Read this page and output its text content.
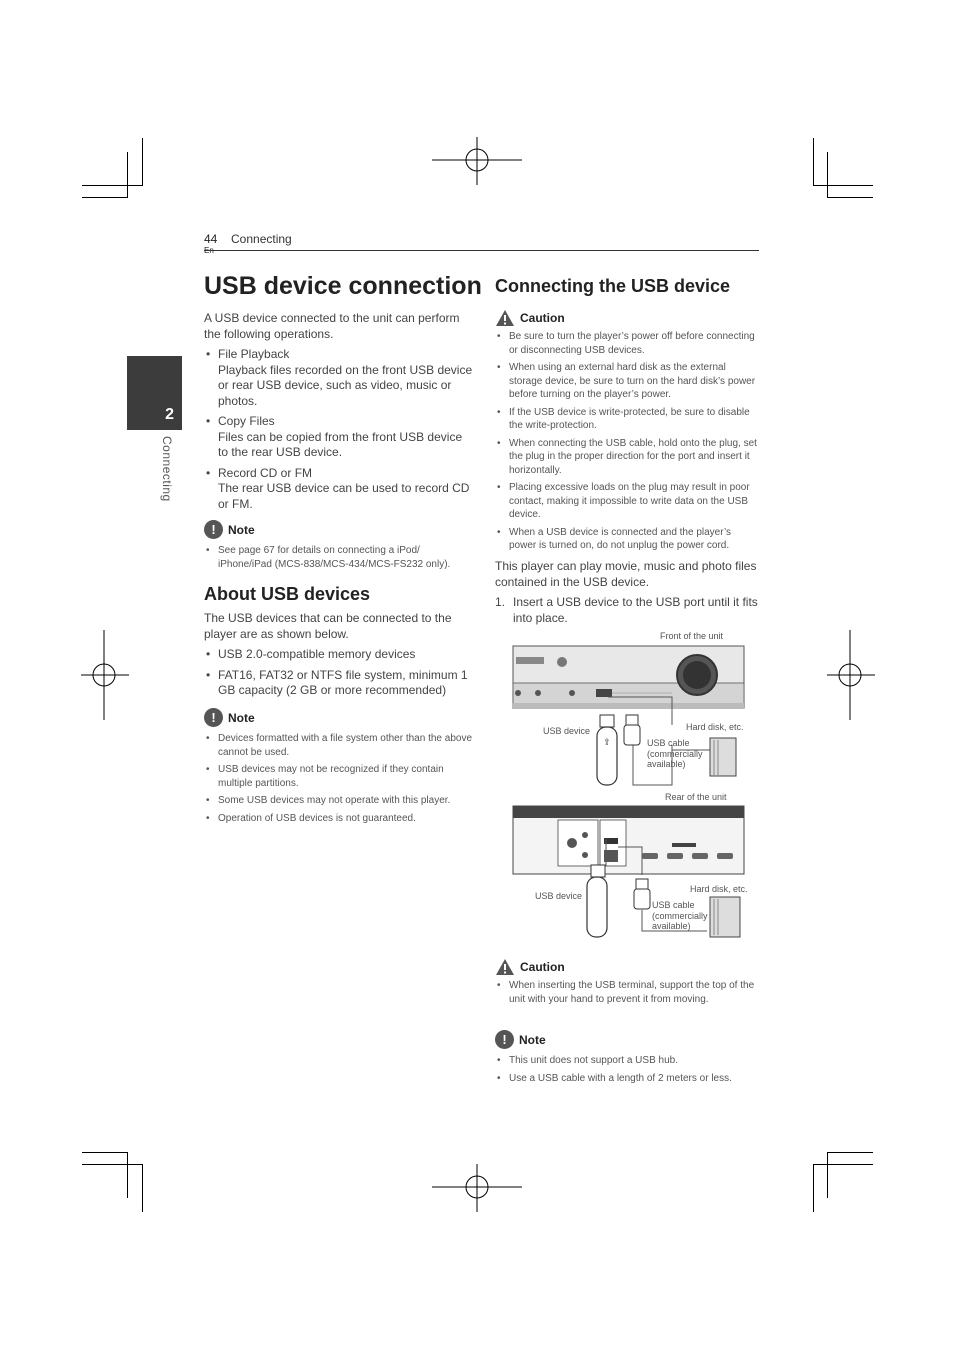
44 Connecting
2
Connecting
USB device connection

A USB device connected to the unit can perform the following operations.

• File Playback
Playback files recorded on the front USB device or rear USB device, such as video, music or photos.
• Copy Files
Files can be copied from the front USB device to the rear USB device.
• Record CD or FM
The rear USB device can be used to record CD or FM.
!	Note
• See page 67 for details on connecting a iPod/ iPhone/iPad (MCS-838/MCS-434/MCS-FS232 only).
About USB devices

The USB devices that can be connected to the player are as shown below.

• USB 2.0-compatible memory devices
• FAT16, FAT32 or NTFS file system, minimum 1 GB capacity (2 GB or more recommended)
!	Note
• Devices formatted with a file system other than the above cannot be used.
• USB devices may not be recognized if they contain multiple partitions.
• Some USB devices may not operate with this player.
• Operation of USB devices is not guaranteed.
Connecting the USB device
Caution
• Be sure to turn the player’s power off before connecting or disconnecting USB devices.
• When using an external hard disk as the external storage device, be sure to turn on the hard disk’s power before turning on the player’s power.
• If the USB device is write-protected, be sure to disable the write-protection.
• When connecting the USB cable, hold onto the plug, set the plug in the proper direction for the port and insert it horizontally.
• Placing excessive loads on the plug may result in poor contact, making it impossible to write data on the USB device.
• When a USB device is connected and the player’s power is turned on, do not unplug the power cord.

This player can play movie, music and photo files contained in the USB device.

1. Insert a USB device to the USB port until it fits into place.
Front of the unit
⇪
USB device	Hard disk, etc.
USB cable (commercially available)
Rear of the unit
USB device
Hard disk, etc.
USB cable (commercially available)
Caution
• When inserting the USB terminal, support the top of the unit with your hand to prevent it from moving.
!	Note
• This unit does not support a USB hub.
• Use a USB cable with a length of 2 meters or less.
